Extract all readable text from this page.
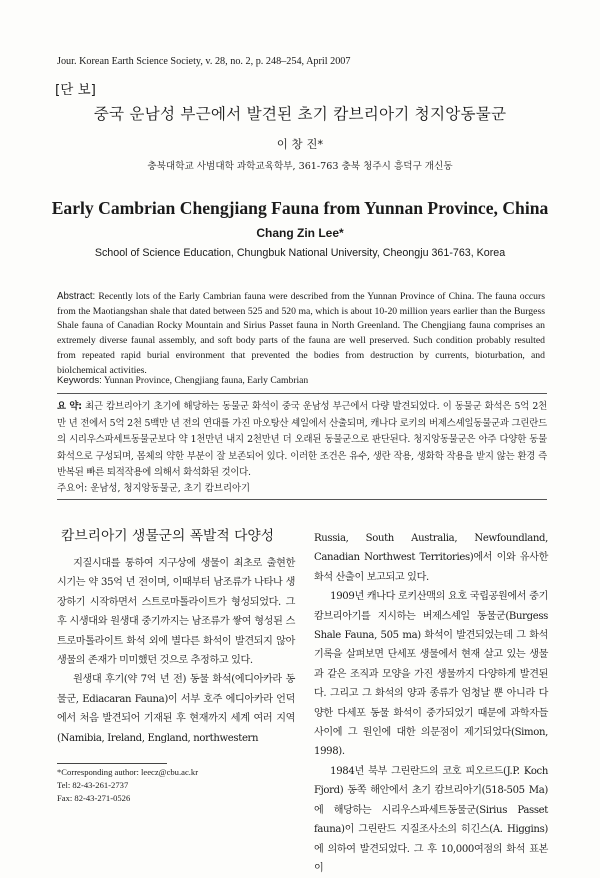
Jour. Korean Earth Science Society, v. 28, no. 2, p. 248–254, April 2007
[단 보]
중국 운남성 부근에서 발견된 초기 캄브리아기 청지앙동물군
이 창 진*
충북대학교 사범대학 과학교육학부, 361-763 충북 청주시 흥덕구 개신동
Early Cambrian Chengjiang Fauna from Yunnan Province, China
Chang Zin Lee*
School of Science Education, Chungbuk National University, Cheongju 361-763, Korea
Abstract: Recently lots of the Early Cambrian fauna were described from the Yunnan Province of China. The fauna occurs from the Maotiangshan shale that dated between 525 and 520 ma, which is about 10-20 million years earlier than the Burgess Shale fauna of Canadian Rocky Mountain and Sirius Passet fauna in North Greenland. The Chengjiang fauna comprises an extremely diverse faunal assembly, and soft body parts of the fauna are well preserved. Such condition probably resulted from repeated rapid burial environment that prevented the bodies from destruction by currents, bioturbation, and biolchemical activities.
Keywords: Yunnan Province, Chengjiang fauna, Early Cambrian
요 약: 최근 캄브리아기 초기에 해당하는 동물군 화석이 중국 운남성 부근에서 다량 발견되었다. 이 동물군 화석은 5억 2천만 년 전에서 5억 2천 5백만 년 전의 연대를 가진 마오탕산 셰일에서 산출되며, 캐나다 로키의 버제스셰일동물군과 그린란드의 시리우스파세트동물군보다 약 1천만년 내지 2천만년 더 오래된 동물군으로 판단된다. 청지앙동물군은 아주 다양한 동물 화석으로 구성되며, 몸체의 약한 부분이 잘 보존되어 있다. 이러한 조건은 유수, 생란 작용, 생화학 작용을 받지 않는 환경 즉 반복된 빠른 퇴적작용에 의해서 화석화된 것이다.
주요어: 운남성, 청지앙동물군, 초기 캄브리아기
캄브리아기 생물군의 폭발적 다양성

지질시대를 통하여 지구상에 생물이 최초로 출현한 시기는 약 35억 년 전이며, 이때부터 남조류가 나타나 생장하기 시작하면서 스트로마톨라이트가 형성되었다. 그 후 시생대와 원생대 중기까지는 남조류가 쌓여 형성된 스트로마톨라이트 화석 외에 별다른 화석이 발견되지 않아 생물의 존재가 미미했던 것으로 추정하고 있다.

원생대 후기(약 7억 년 전) 동물 화석(에디아카라 동물군, Ediacaran Fauna)이 서부 호주 에디아카라 언덕에서 처음 발견되어 기재된 후 현재까지 세계 여러 지역 (Namibia, Ireland, England, northwestern

Russia, South Australia, Newfoundland, Canadian Northwest Territories)에서 이와 유사한 화석 산출이 보고되고 있다.

1909년 캐나다 로키산맥의 요호 국립공원에서 중기 캄브리아기를 지시하는 버제스셰일 동물군(Burgess Shale Fauna, 505 ma) 화석이 발견되었는데 그 화석 기록을 살펴보면 단세포 생물에서 현재 살고 있는 생물과 같은 조직과 모양을 가진 생물까지 다양하게 발견된다. 그리고 그 화석의 양과 종류가 엄청날 뿐 아니라 다양한 다세포 동물 화석이 중가되었기 때문에 과학자들 사이에 그 원인에 대한 의문점이 제기되었다(Simon, 1998).

1984년 북부 그린란드의 코호 피오르드(J.P. Koch Fjord) 동쪽 해안에서 초기 캄브리아기(518-505 Ma)에 해당하는 시리우스파세트동물군(Sirius Passet fauna)이 그린란드 지질조사소의 히긴스(A. Higgins)에 의하여 발견되었다. 그 후 10,000여점의 화석 표본이

*Corresponding author: leecz@cbu.ac.kr
Tel: 82-43-261-2737
Fax: 82-43-271-0526
